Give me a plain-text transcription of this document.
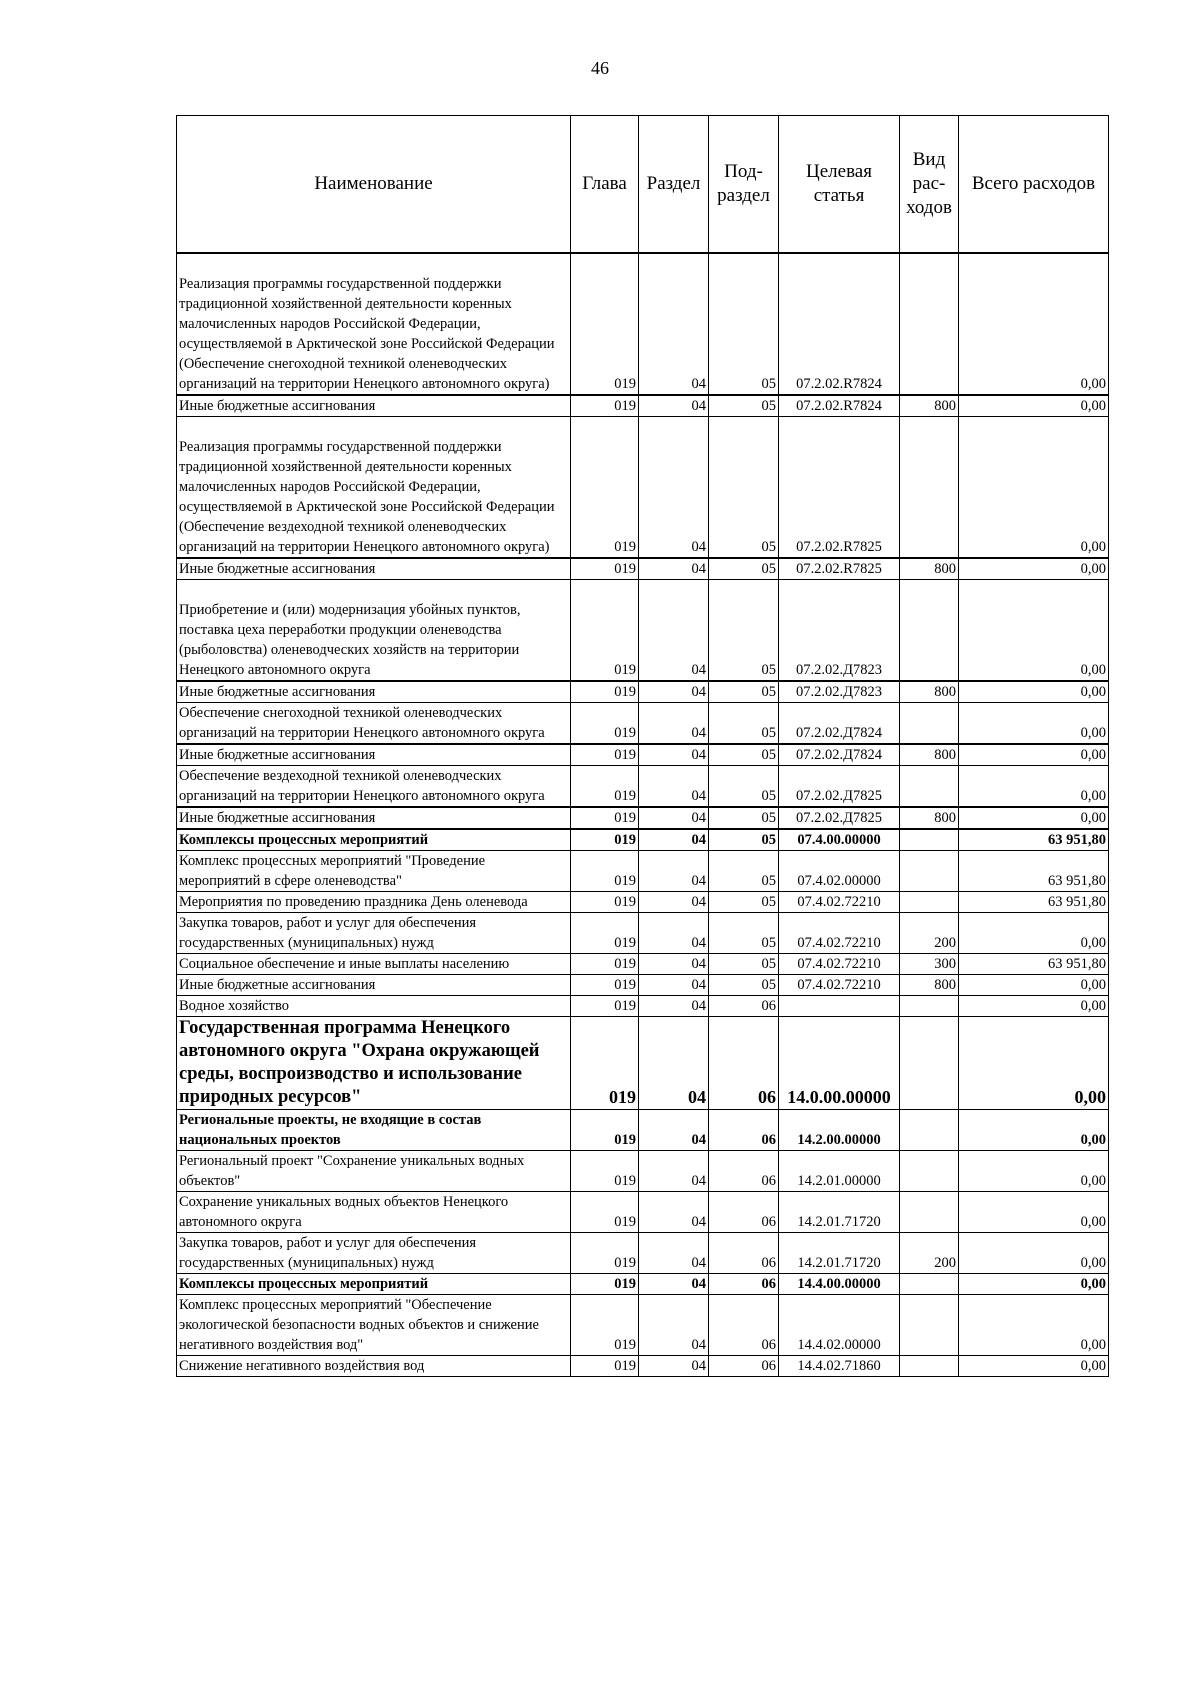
46
Наименование	Глава	Раздел	Под-раздел	Целевая статья	Вид рас-ходов	Всего расходов
Реализация программы государственной поддержки традиционной хозяйственной деятельности коренных малочисленных народов Российской Федерации, осуществляемой в Арктической зоне Российской Федерации (Обеспечение снегоходной техникой оленеводческих организаций на территории Ненецкого автономного округа)	019	04	05	07.2.02.R7824		0,00
Иные бюджетные ассигнования	019	04	05	07.2.02.R7824	800	0,00
Реализация программы государственной поддержки традиционной хозяйственной деятельности коренных малочисленных народов Российской Федерации, осуществляемой в Арктической зоне Российской Федерации (Обеспечение вездеходной техникой оленеводческих организаций на территории Ненецкого автономного округа)	019	04	05	07.2.02.R7825		0,00
Иные бюджетные ассигнования	019	04	05	07.2.02.R7825	800	0,00
Приобретение и (или) модернизация убойных пунктов, поставка цеха переработки продукции оленеводства (рыболовства) оленеводческих хозяйств на территории Ненецкого автономного округа	019	04	05	07.2.02.Д7823		0,00
Иные бюджетные ассигнования	019	04	05	07.2.02.Д7823	800	0,00
Обеспечение снегоходной техникой оленеводческих организаций на территории Ненецкого автономного округа	019	04	05	07.2.02.Д7824		0,00
Иные бюджетные ассигнования	019	04	05	07.2.02.Д7824	800	0,00
Обеспечение вездеходной техникой оленеводческих организаций на территории Ненецкого автономного округа	019	04	05	07.2.02.Д7825		0,00
Иные бюджетные ассигнования	019	04	05	07.2.02.Д7825	800	0,00
Комплексы процессных мероприятий	019	04	05	07.4.00.00000		63 951,80
Комплекс процессных мероприятий "Проведение мероприятий в сфере оленеводства"	019	04	05	07.4.02.00000		63 951,80
Мероприятия по проведению праздника День оленевода	019	04	05	07.4.02.72210		63 951,80
Закупка товаров, работ и услуг для обеспечения государственных (муниципальных) нужд	019	04	05	07.4.02.72210	200	0,00
Социальное обеспечение и иные выплаты населению	019	04	05	07.4.02.72210	300	63 951,80
Иные бюджетные ассигнования	019	04	05	07.4.02.72210	800	0,00
Водное хозяйство	019	04	06			0,00
Государственная программа Ненецкого автономного округа "Охрана окружающей среды, воспроизводство и использование природных ресурсов"	019	04	06	14.0.00.00000		0,00
Региональные проекты, не входящие в состав национальных проектов	019	04	06	14.2.00.00000		0,00
Региональный проект "Сохранение уникальных водных объектов"	019	04	06	14.2.01.00000		0,00
Сохранение уникальных водных объектов Ненецкого автономного округа	019	04	06	14.2.01.71720		0,00
Закупка товаров, работ и услуг для обеспечения государственных (муниципальных) нужд	019	04	06	14.2.01.71720	200	0,00
Комплексы процессных мероприятий	019	04	06	14.4.00.00000		0,00
Комплекс процессных мероприятий "Обеспечение экологической безопасности водных объектов и снижение негативного воздействия вод"	019	04	06	14.4.02.00000		0,00
Снижение негативного воздействия вод	019	04	06	14.4.02.71860		0,00
